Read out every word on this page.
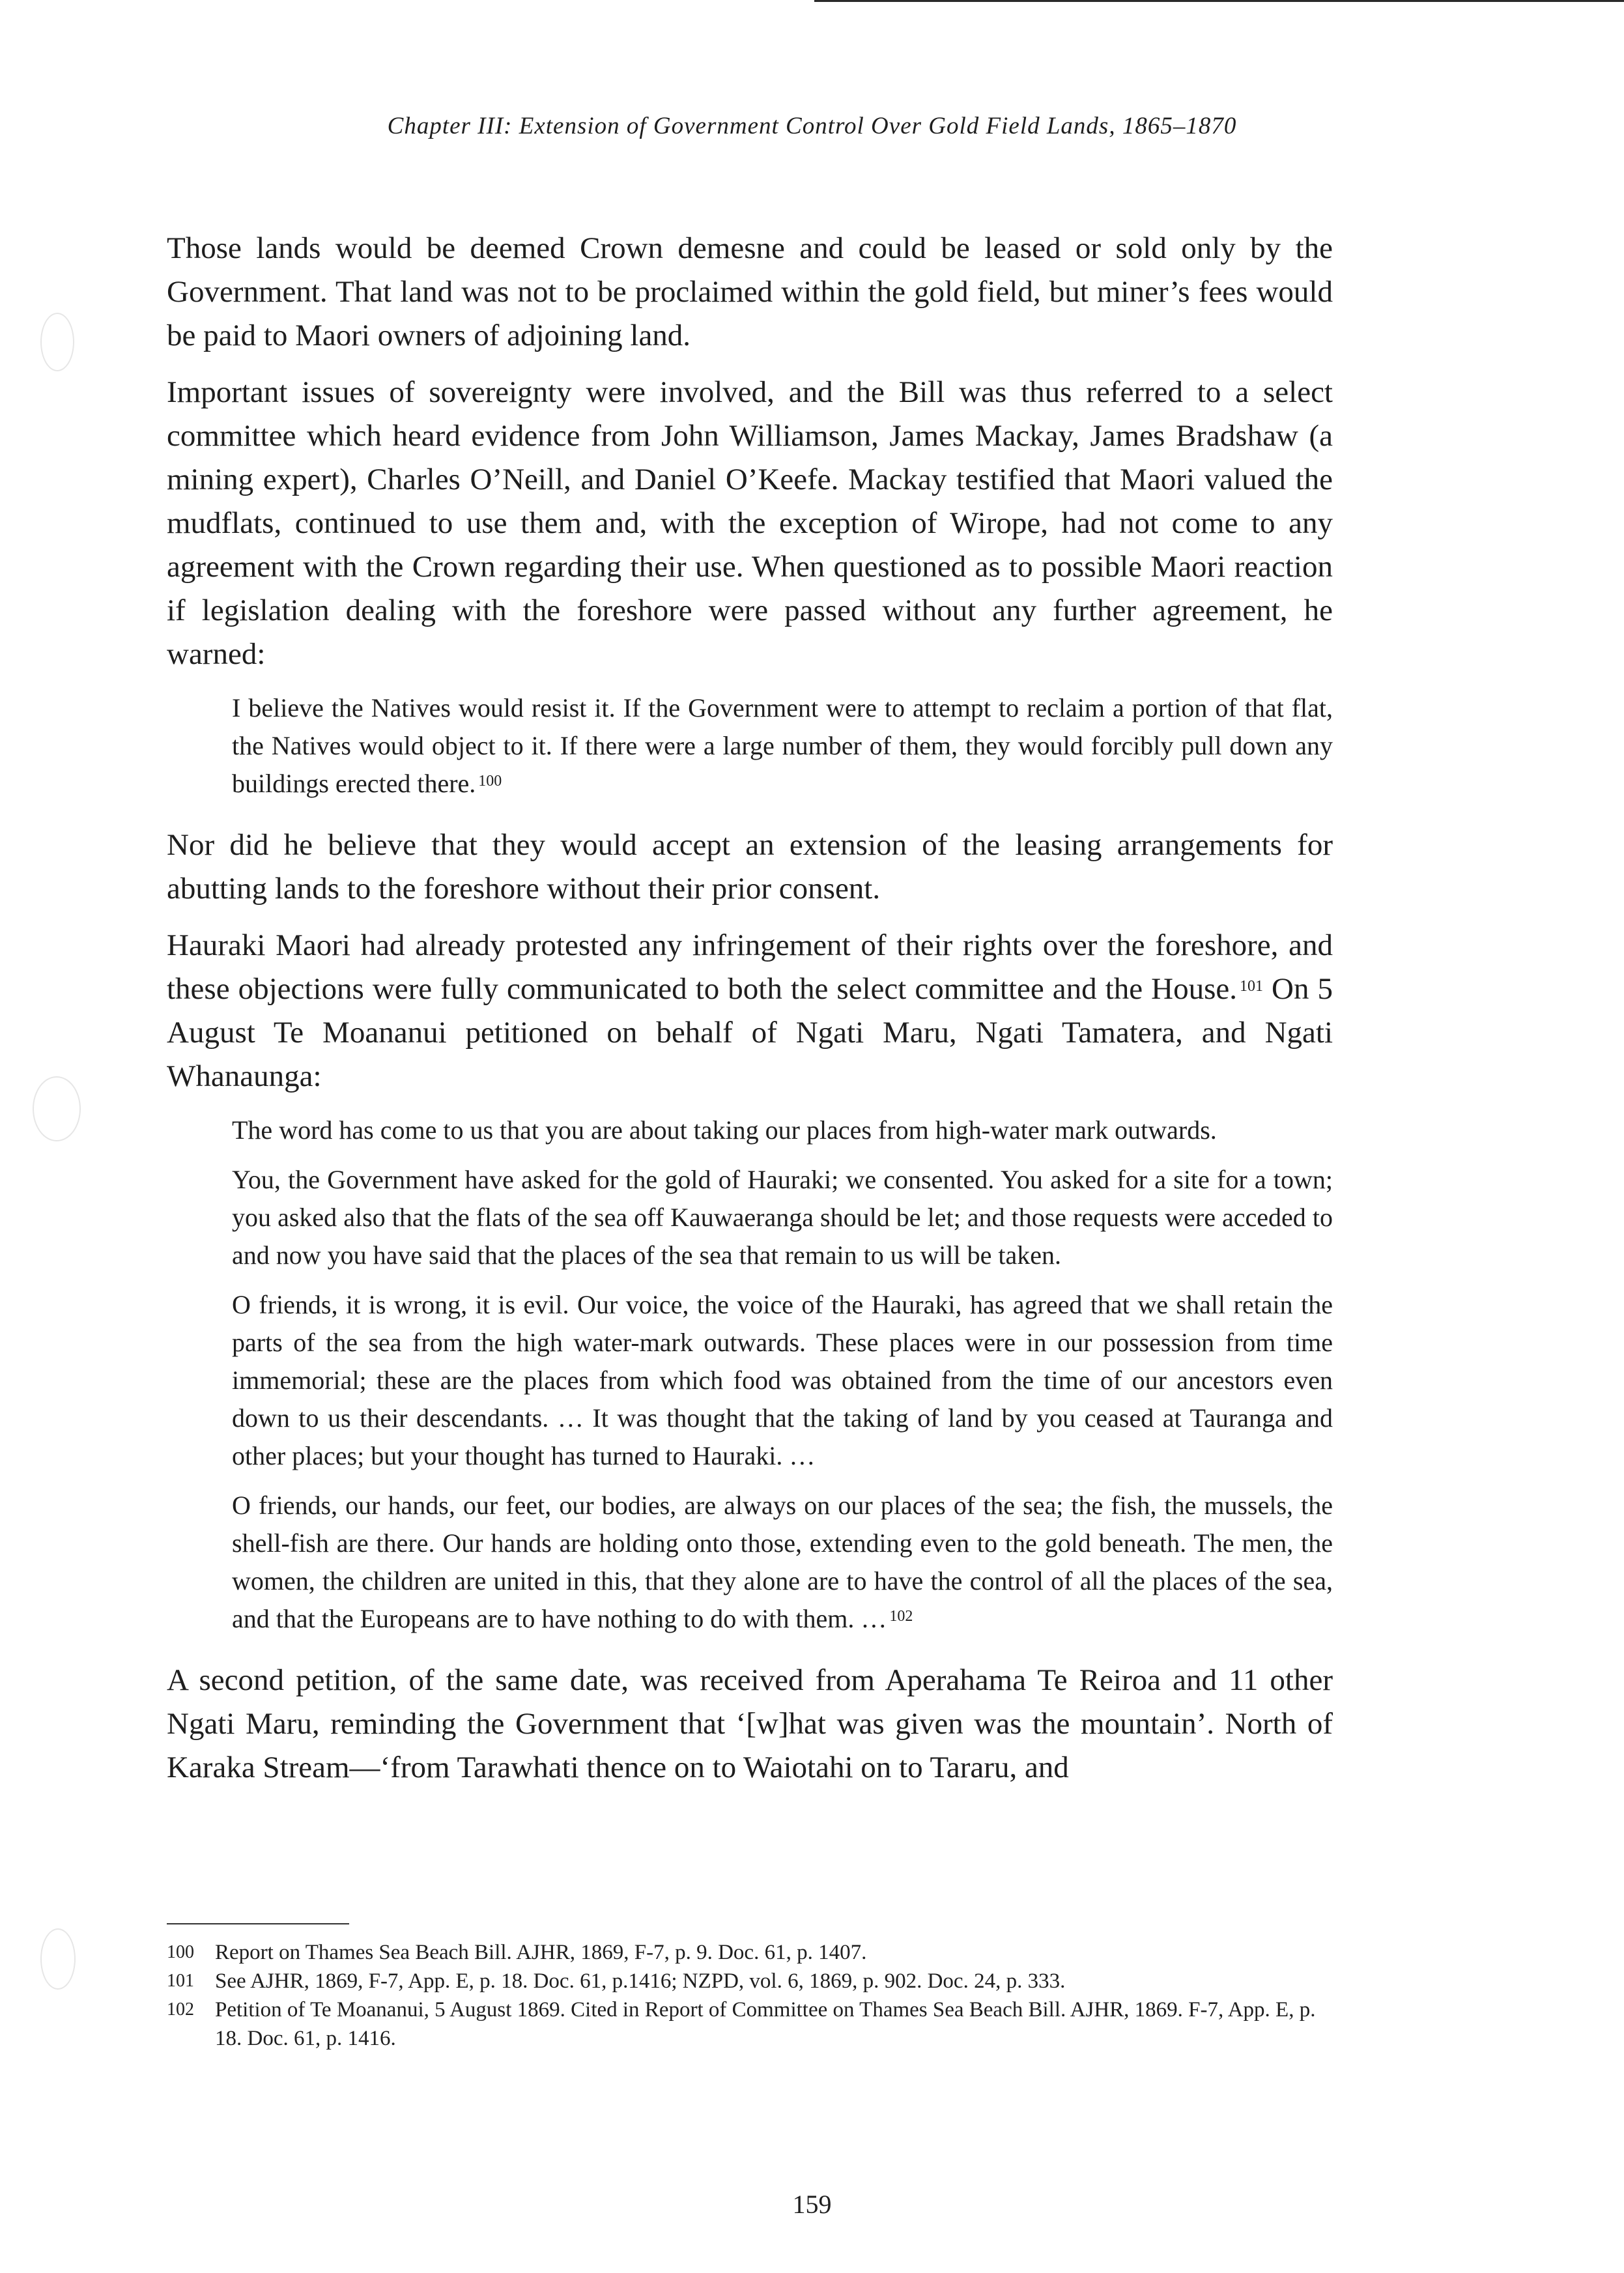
Chapter III: Extension of Government Control Over Gold Field Lands, 1865–1870

Those lands would be deemed Crown demesne and could be leased or sold only by the Government. That land was not to be proclaimed within the gold field, but miner’s fees would be paid to Maori owners of adjoining land.

Important issues of sovereignty were involved, and the Bill was thus referred to a select committee which heard evidence from John Williamson, James Mackay, James Bradshaw (a mining expert), Charles O’Neill, and Daniel O’Keefe. Mackay testified that Maori valued the mudflats, continued to use them and, with the exception of Wirope, had not come to any agreement with the Crown regarding their use. When questioned as to possible Maori reaction if legislation dealing with the foreshore were passed without any further agreement, he warned:

I believe the Natives would resist it. If the Government were to attempt to reclaim a portion of that flat, the Natives would object to it. If there were a large number of them, they would forcibly pull down any buildings erected there. $^{100}$

Nor did he believe that they would accept an extension of the leasing arrangements for abutting lands to the foreshore without their prior consent.

Hauraki Maori had already protested any infringement of their rights over the foreshore, and these objections were fully communicated to both the select committee and the House. $^{101}$ On 5 August Te Moananui petitioned on behalf of Ngati Maru, Ngati Tamatera, and Ngati Whanaunga:

The word has come to us that you are about taking our places from high-water mark outwards.

You, the Government have asked for the gold of Hauraki; we consented. You asked for a site for a town; you asked also that the flats of the sea off Kauwaeranga should be let; and those requests were acceded to and now you have said that the places of the sea that remain to us will be taken.

O friends, it is wrong, it is evil. Our voice, the voice of the Hauraki, has agreed that we shall retain the parts of the sea from the high water-mark outwards. These places were in our possession from time immemorial; these are the places from which food was obtained from the time of our ancestors even down to us their descendants. … It was thought that the taking of land by you ceased at Tauranga and other places; but your thought has turned to Hauraki. …

O friends, our hands, our feet, our bodies, are always on our places of the sea; the fish, the mussels, the shell-fish are there. Our hands are holding onto those, extending even to the gold beneath. The men, the women, the children are united in this, that they alone are to have the control of all the places of the sea, and that the Europeans are to have nothing to do with them. … $^{102}$

A second petition, of the same date, was received from Aperahama Te Reiroa and 11 other Ngati Maru, reminding the Government that ‘[w]hat was given was the mountain’. North of Karaka Stream—‘from Tarawhati thence on to Waiotahi on to Tararu, and

100 Report on Thames Sea Beach Bill. AJHR, 1869, F-7, p. 9. Doc. 61, p. 1407.

101 See AJHR, 1869, F-7, App. E, p. 18. Doc. 61, p.1416; NZPD, vol. 6, 1869, p. 902. Doc. 24, p. 333.

102 Petition of Te Moananui, 5 August 1869. Cited in Report of Committee on Thames Sea Beach Bill. AJHR, 1869. F-7, App. E, p. 18. Doc. 61, p. 1416.

159
